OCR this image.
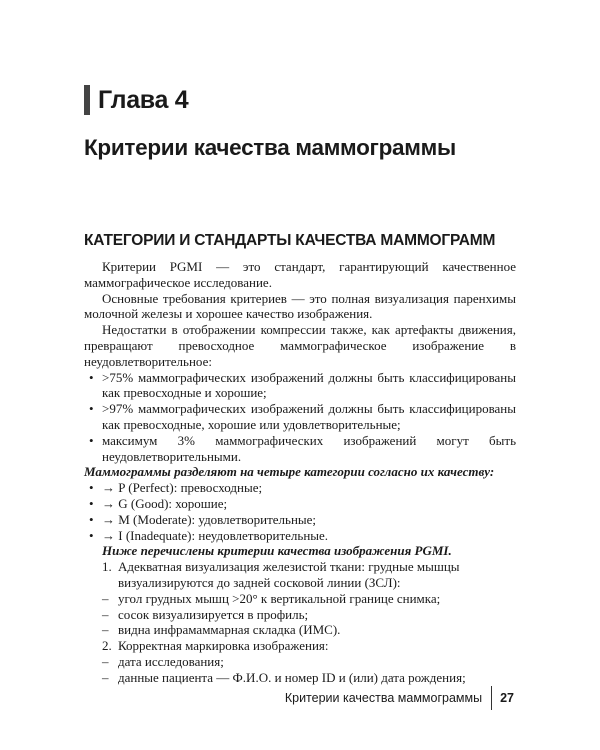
Глава 4
Критерии качества маммограммы
КАТЕГОРИИ И СТАНДАРТЫ КАЧЕСТВА МАММОГРАММ

Критерии PGMI — это стандарт, гарантирующий качественное маммографическое исследование.

Основные требования критериев — это полная визуализация паренхимы молочной железы и хорошее качество изображения.

Недостатки в отображении компрессии также, как артефакты движения, превращают превосходное маммографическое изображение в неудовлетворительное:

• >75% маммографических изображений должны быть классифицированы как превосходные и хорошие;
• >97% маммографических изображений должны быть классифицированы как превосходные, хорошие или удовлетворительные;
• максимум 3% маммографических изображений могут быть неудовлетворительными.

Маммограммы разделяют на четыре категории согласно их качеству:

• → P (Perfect): превосходные;
• → G (Good): хорошие;
• → M (Moderate): удовлетворительные;
• → I (Inadequate): неудовлетворительные.

Ниже перечислены критерии качества изображения PGMI.

1. Адекватная визуализация железистой ткани: грудные мышцы визуализируются до задней сосковой линии (ЗСЛ):
– угол грудных мышц >20° к вертикальной границе снимка;
– сосок визуализируется в профиль;
– видна инфрамаммарная складка (ИМС).
2. Корректная маркировка изображения:
– дата исследования;
– данные пациента — Ф.И.О. и номер ID и (или) дата рождения;
Критерии качества маммограммы 27
